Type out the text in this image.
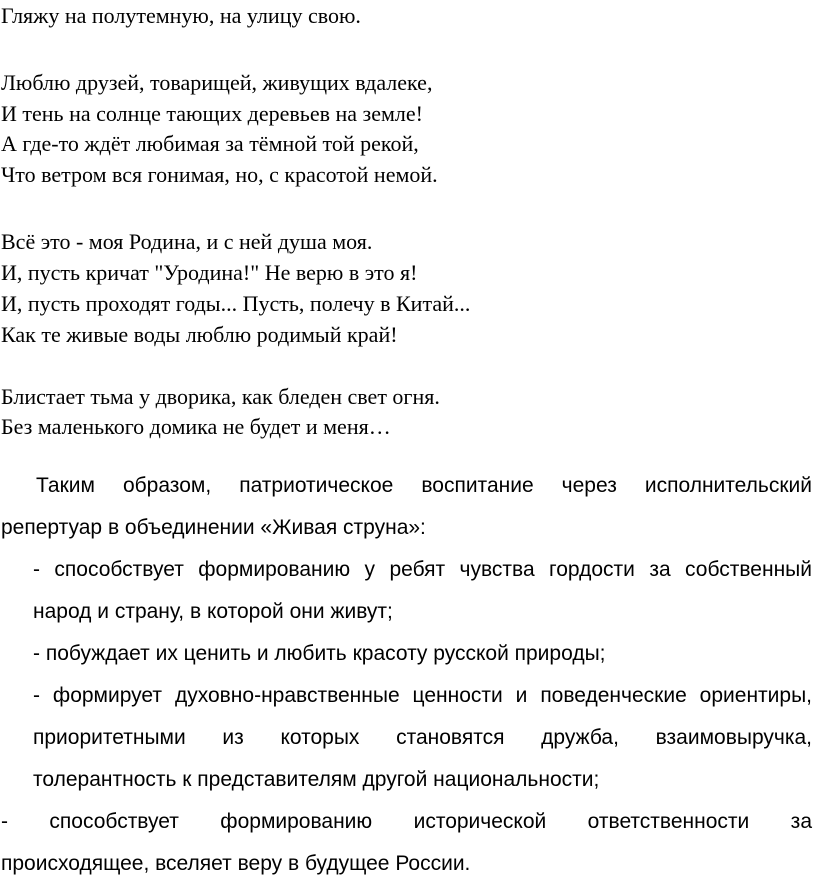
Гляжу на полутемную, на улицу свою.
Люблю друзей, товарищей, живущих вдалеке,
И тень на солнце тающих деревьев на земле!
А где-то ждёт любимая за тёмной той рекой,
Что ветром вся гонимая, но, с красотой немой.
Всё это - моя Родина, и с ней душа моя.
И, пусть кричат "Уродина!" Не верю в это я!
И, пусть проходят годы... Пусть, полечу в Китай...
Как те живые воды люблю родимый край!
Блистает тьма у дворика, как бледен свет огня.
Без маленького домика не будет и меня…
Таким образом, патриотическое воспитание через исполнительский
репертуар в объединении «Живая струна»:
- способствует формированию у ребят чувства гордости за собственный
народ и страну, в которой они живут;
- побуждает их ценить и любить красоту русской природы;
- формирует духовно-нравственные ценности и поведенческие ориентиры,
приоритетными из которых становятся дружба, взаимовыручка,
толерантность к представителям другой национальности;
- способствует формированию исторической ответственности за
происходящее, вселяет веру в будущее России.
